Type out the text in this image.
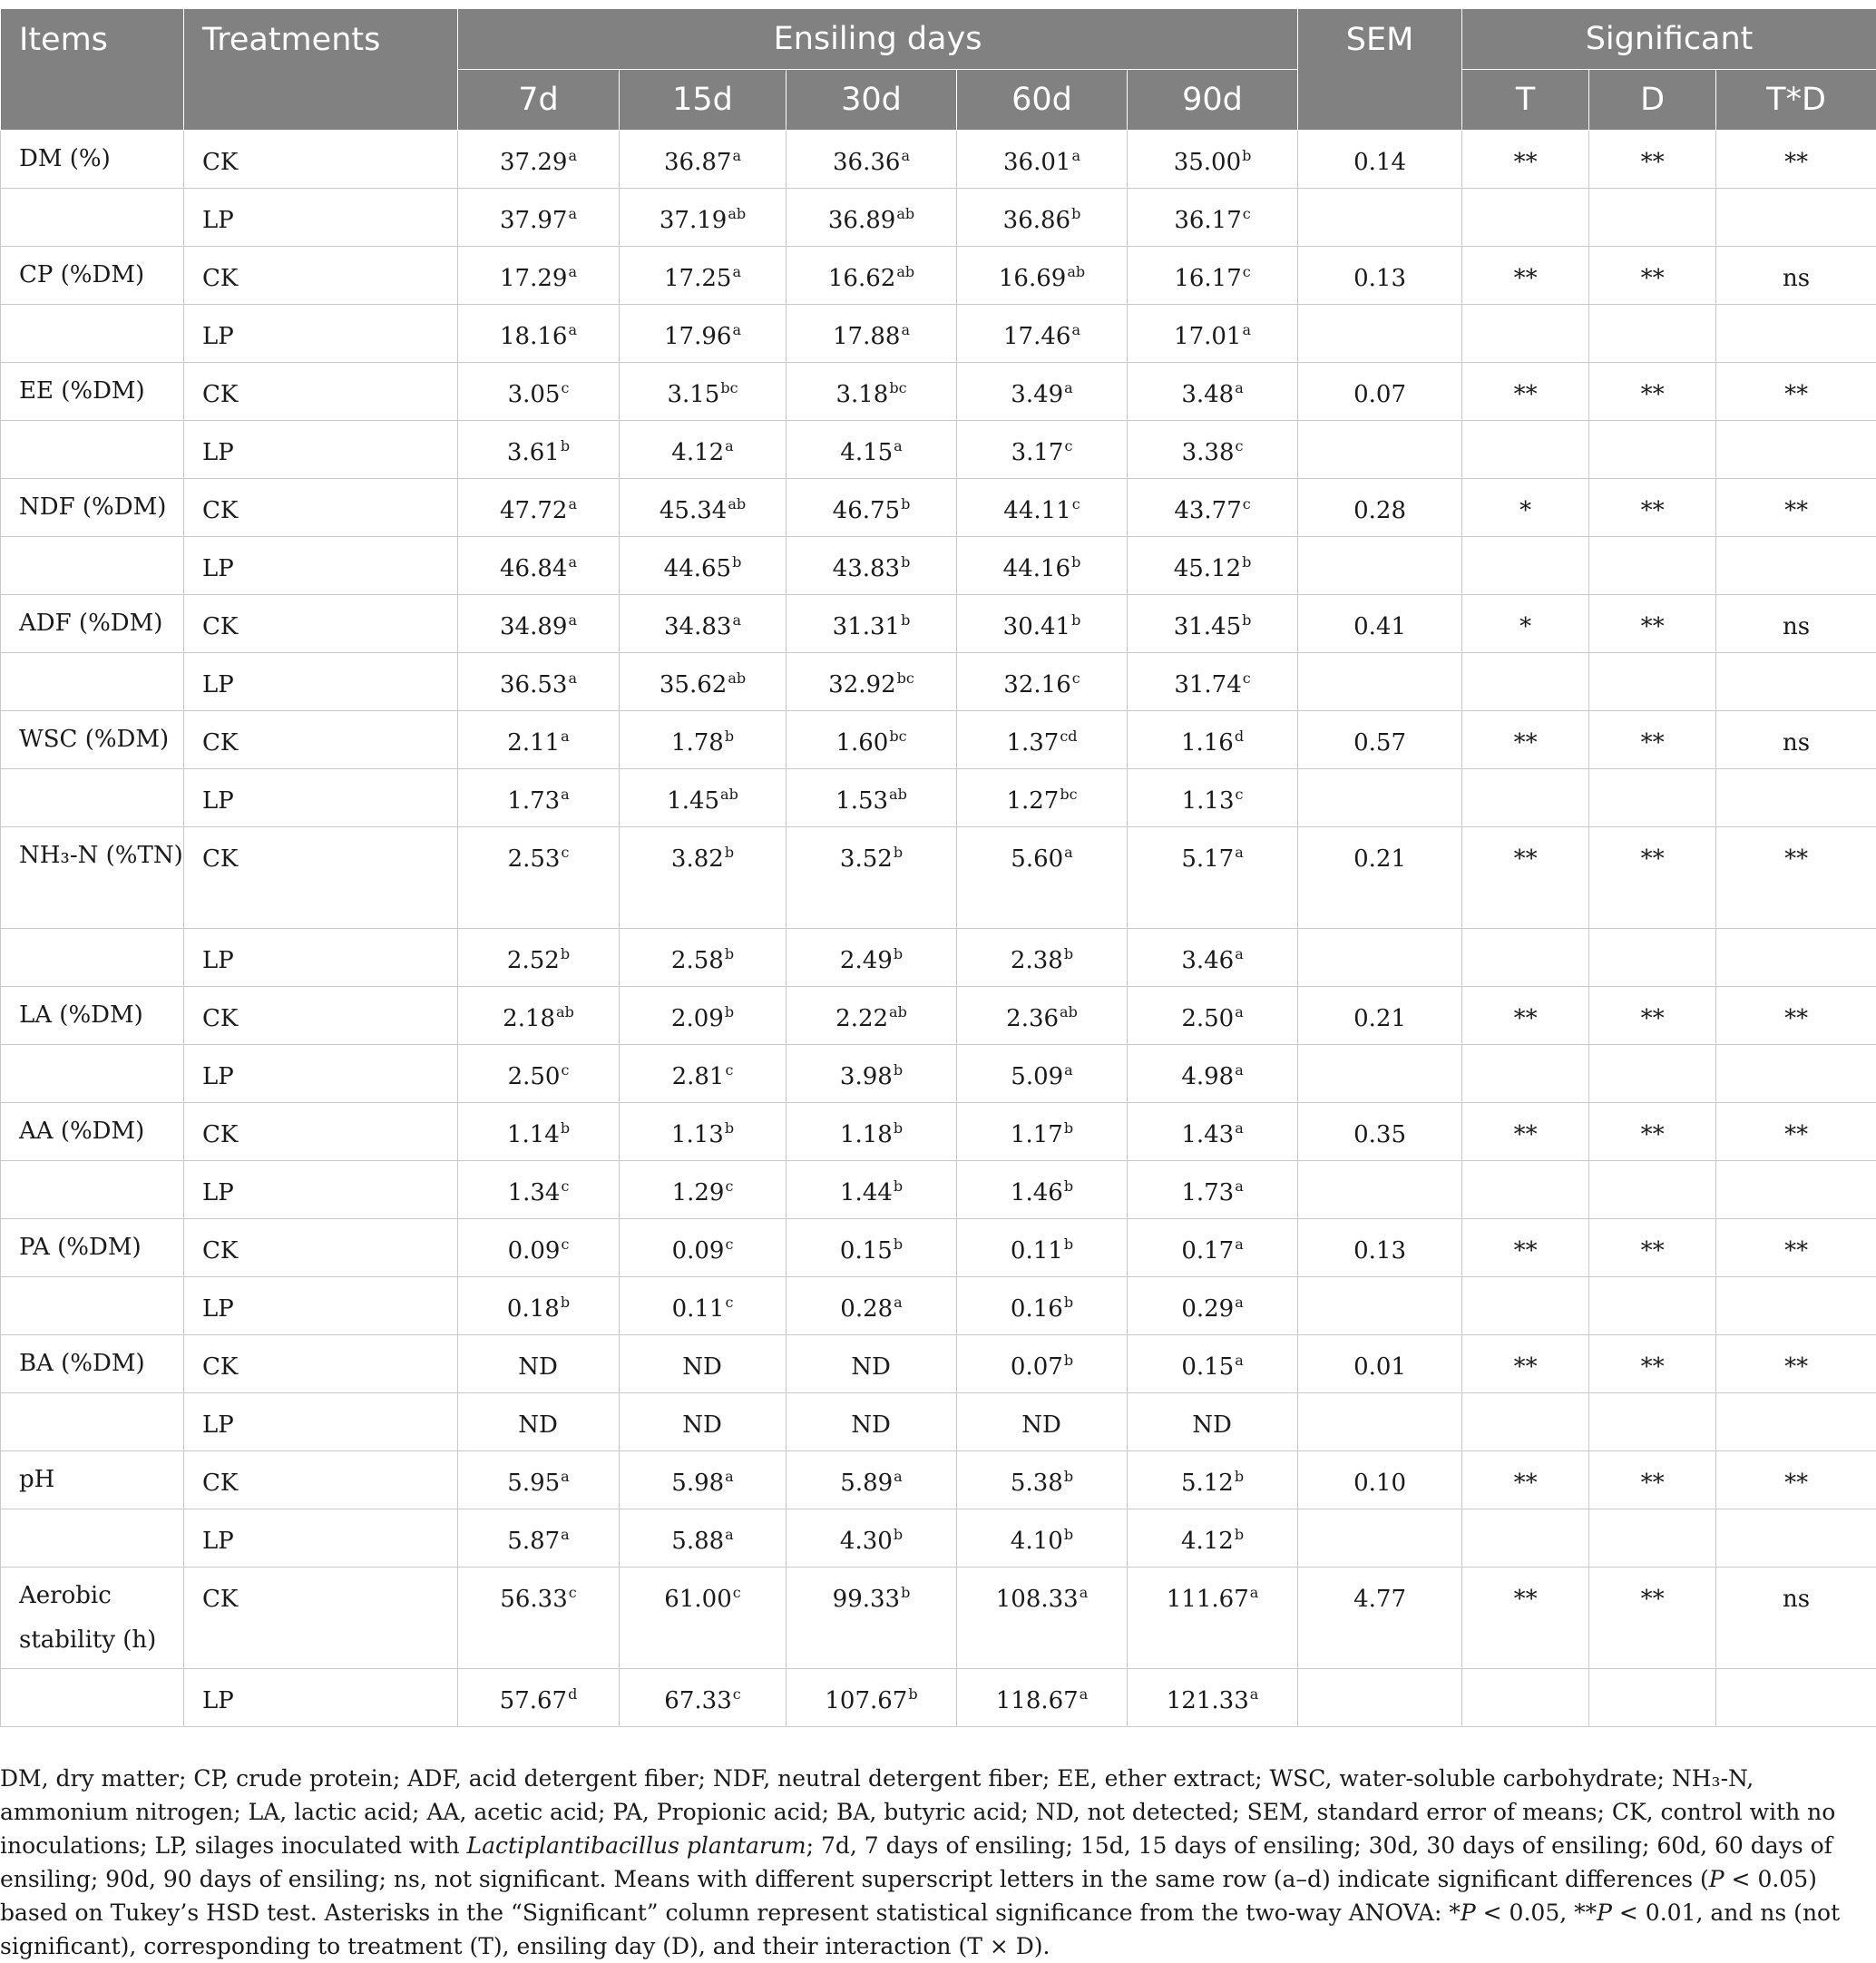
Items	Treatments	Ensiling days					SEM	Significant		
		7d	15d	30d	60d	90d		T	D	T*D

DM (%)	CK	37.29$^a$	36.87$^a$	36.36$^a$	36.01$^a$	35.00$^b$	0.14	**	**	**

	LP	37.97$^a$	37.19$^{ab}$	36.89$^{ab}$	36.86$^b$	36.17$^c$

CP (%DM)	CK	17.29$^a$	17.25$^a$	16.62$^{ab}$	16.69$^{ab}$	16.17$^c$	0.13	**	**	ns

	LP	18.16$^a$	17.96$^a$	17.88$^a$	17.46$^a$	17.01$^a$

EE (%DM)	CK	3.05$^c$	3.15$^{bc}$	3.18$^{bc}$	3.49$^a$	3.48$^a$	0.07	**	**	**

	LP	3.61$^b$	4.12$^a$	4.15$^a$	3.17$^c$	3.38$^c$

NDF (%DM)	CK	47.72$^a$	45.34$^{ab}$	46.75$^b$	44.11$^c$	43.77$^c$	0.28	*	**	**

	LP	46.84$^a$	44.65$^b$	43.83$^b$	44.16$^b$	45.12$^b$

ADF (%DM)	CK	34.89$^a$	34.83$^a$	31.31$^b$	30.41$^b$	31.45$^b$	0.41	*	**	ns

	LP	36.53$^a$	35.62$^{ab}$	32.92$^{bc}$	32.16$^c$	31.74$^c$

WSC (%DM)	CK	2.11$^a$	1.78$^b$	1.60$^{bc}$	1.37$^{cd}$	1.16$^d$	0.57	**	**	ns

	LP	1.73$^a$	1.45$^{ab}$	1.53$^{ab}$	1.27$^{bc}$	1.13$^c$

NH₃-N (%TN)	CK	2.53$^c$	3.82$^b$	3.52$^b$	5.60$^a$	5.17$^a$	0.21	**	**	**

	LP	2.52$^b$	2.58$^b$	2.49$^b$	2.38$^b$	3.46$^a$

LA (%DM)	CK	2.18$^{ab}$	2.09$^b$	2.22$^{ab}$	2.36$^{ab}$	2.50$^a$	0.21	**	**	**

	LP	2.50$^c$	2.81$^c$	3.98$^b$	5.09$^a$	4.98$^a$

AA (%DM)	CK	1.14$^b$	1.13$^b$	1.18$^b$	1.17$^b$	1.43$^a$	0.35	**	**	**

	LP	1.34$^c$	1.29$^c$	1.44$^b$	1.46$^b$	1.73$^a$

PA (%DM)	CK	0.09$^c$	0.09$^c$	0.15$^b$	0.11$^b$	0.17$^a$	0.13	**	**	**

	LP	0.18$^b$	0.11$^c$	0.28$^a$	0.16$^b$	0.29$^a$

BA (%DM)	CK	ND	ND	ND	0.07$^b$	0.15$^a$	0.01	**	**	**

	LP	ND	ND	ND	ND	ND				

pH	CK	5.95$^a$	5.98$^a$	5.89$^a$	5.38$^b$	5.12$^b$	0.10	**	**	**

	LP	5.87$^a$	5.88$^a$	4.30$^b$	4.10$^b$	4.12$^b$

Aerobic stability (h)	CK	56.33$^c$	61.00$^c$	99.33$^b$	108.33$^a$	111.67$^a$	4.77	**	**	ns

	LP	57.67$^d$	67.33$^c$	107.67$^b$	118.67$^a$	121.33$^a$

DM, dry matter; CP, crude protein; ADF, acid detergent fiber; NDF, neutral detergent fiber; EE, ether extract; WSC, water-soluble carbohydrate; NH₃-N, ammonium nitrogen; LA, lactic acid; AA, acetic acid; PA, Propionic acid; BA, butyric acid; ND, not detected; SEM, standard error of means; CK, control with no inoculations; LP, silages inoculated with Lactiplantibacillus plantarum; 7d, 7 days of ensiling; 15d, 15 days of ensiling; 30d, 30 days of ensiling; 60d, 60 days of ensiling; 90d, 90 days of ensiling; ns, not significant. Means with different superscript letters in the same row (a–d) indicate significant differences (P < 0.05) based on Tukey’s HSD test. Asterisks in the “Significant” column represent statistical significance from the two-way ANOVA: *P < 0.05, **P < 0.01, and ns (not significant), corresponding to treatment (T), ensiling day (D), and their interaction (T × D).
